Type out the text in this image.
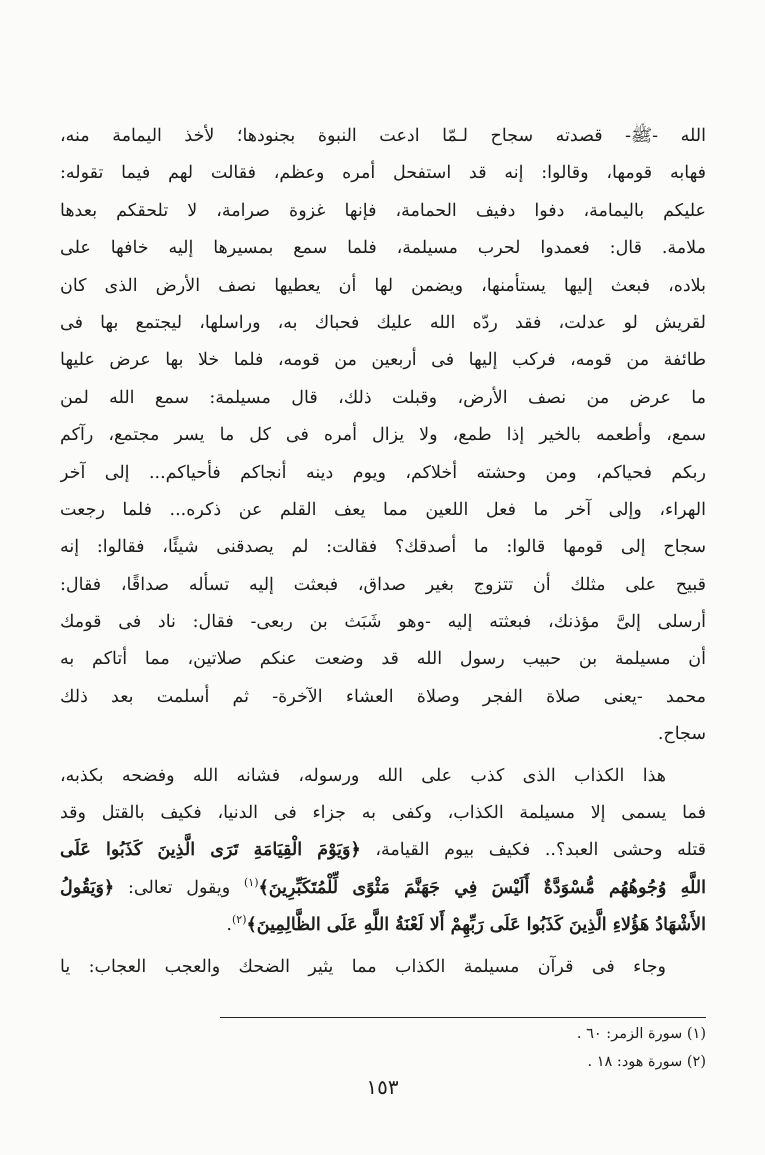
الله -ﷺ- قصدته سجاح لـمّا ادعت النبوة بجنودها؛ لأخذ اليمامة منه،
فهابه قومها، وقالوا: إنه قد استفحل أمره وعظم، فقالت لهم فيما تقوله:
عليكم باليمامة، دفوا دفيف الحمامة، فإنها غزوة صرامة، لا تلحقكم بعدها
ملامة. قال: فعمدوا لحرب مسيلمة، فلما سمع بمسيرها إليه خافها على
بلاده، فبعث إليها يستأمنها، ويضمن لها أن يعطيها نصف الأرض الذى كان
لقريش لو عدلت، فقد ردّه الله عليك فحباك به، وراسلها، ليجتمع بها فى
طائفة من قومه، فركب إليها فى أربعين من قومه، فلما خلا بها عرض عليها
ما عرض من نصف الأرض، وقبلت ذلك، قال مسيلمة: سمع الله لمن
سمع، وأطعمه بالخير إذا طمع، ولا يزال أمره فى كل ما يسر مجتمع، رآكم
ربكم فحياكم، ومن وحشته أخلاكم، ويوم دينه أنجاكم فأحياكم... إلى آخر
الهراء، وإلى آخر ما فعل اللعين مما يعف القلم عن ذكره... فلما رجعت
سجاح إلى قومها قالوا: ما أصدقك؟ فقالت: لم يصدقنى شيئًا، فقالوا: إنه
قبيح على مثلك أن تتزوج بغير صداق، فبعثت إليه تسأله صداقًا، فقال:
أرسلى إلىَّ مؤذنك، فبعثته إليه -وهو شَبَث بن ربعى- فقال: ناد فى قومك
أن مسيلمة بن حبيب رسول الله قد وضعت عنكم صلاتين، مما أتاكم به
محمد -يعنى صلاة الفجر وصلاة العشاء الآخرة- ثم أسلمت بعد ذلك
سجاح.
هذا الكذاب الذى كذب على الله ورسوله، فشانه الله وفضحه بكذبه،
فما يسمى إلا مسيلمة الكذاب، وكفى به جزاء فى الدنيا، فكيف بالقتل وقد
قتله وحشى العبد؟.. فكيف بيوم القيامة، ﴿وَيَوْمَ الْقِيَامَةِ تَرَى الَّذِينَ كَذَبُوا عَلَى
اللَّهِ وُجُوهُهُم مُّسْوَدَّةٌ أَلَيْسَ فِي جَهَنَّمَ مَثْوًى لِّلْمُتَكَبِّرِينَ﴾$^{(١)}$ ويقول تعالى: ﴿وَيَقُولُ
الأَشْهَادُ هَؤُلاءِ الَّذِينَ كَذَبُوا عَلَى رَبِّهِمْ أَلا لَعْنَةُ اللَّهِ عَلَى الظَّالِمِينَ﴾$^{(٢)}$.
وجاء فى قرآن مسيلمة الكذاب مما يثير الضحك والعجب العجاب: يا
(١) سورة الزمر: ٦٠ .
(٢) سورة هود: ١٨ .
١٥٣
